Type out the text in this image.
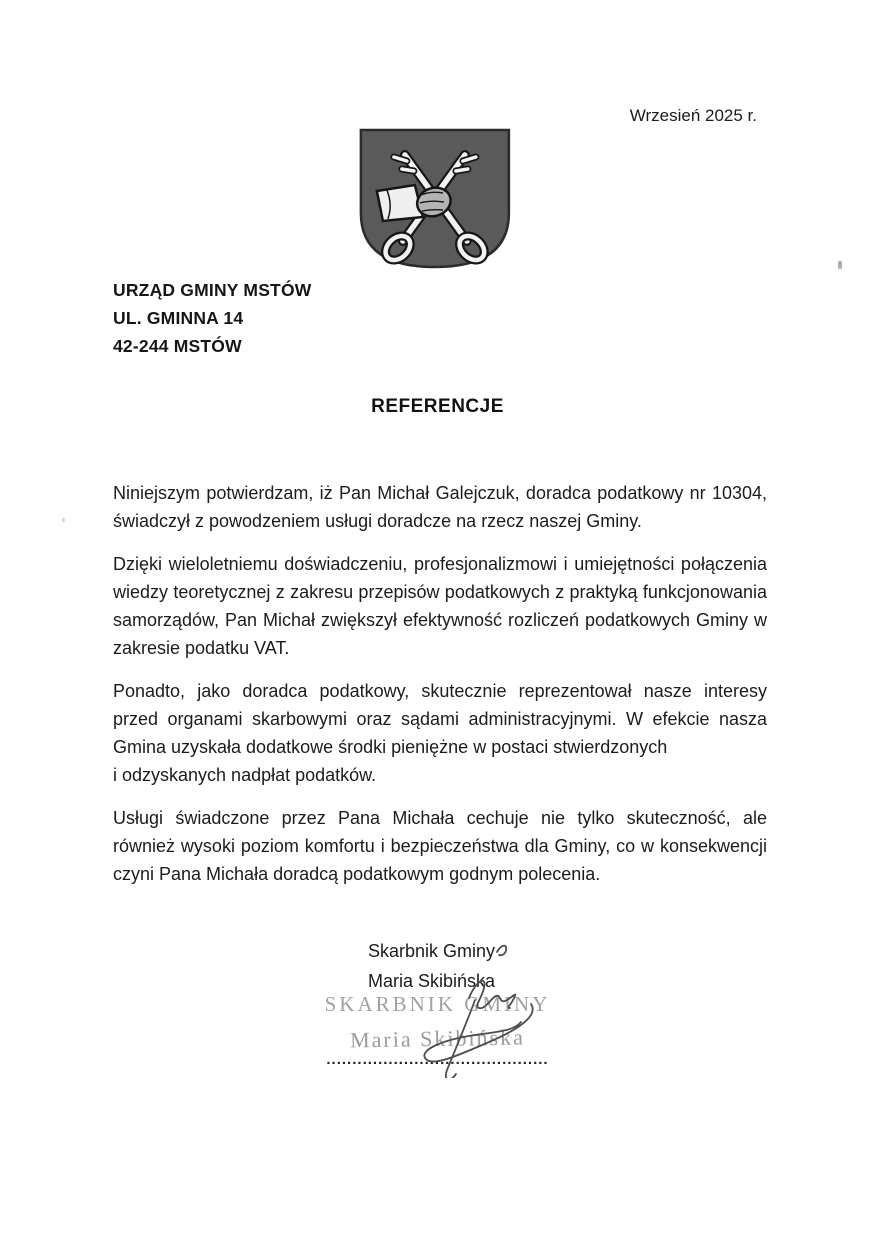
Wrzesień 2025 r.
URZĄD GMINY MSTÓW
UL. GMINNA 14
42-244 MSTÓW
REFERENCJE

Niniejszym potwierdzam, iż Pan Michał Galejczuk, doradca podatkowy nr 10304, świadczył z powodzeniem usługi doradcze na rzecz naszej Gminy.

Dzięki wieloletniemu doświadczeniu, profesjonalizmowi i umiejętności połączenia wiedzy teoretycznej z zakresu przepisów podatkowych z praktyką funkcjonowania samorządów, Pan Michał zwiększył efektywność rozliczeń podatkowych Gminy w zakresie podatku VAT.

Ponadto, jako doradca podatkowy, skutecznie reprezentował nasze interesy przed organami skarbowymi oraz sądami administracyjnymi. W efekcie nasza Gmina uzyskała dodatkowe środki pieniężne w postaci stwierdzonych
i odzyskanych nadpłat podatków.

Usługi świadczone przez Pana Michała cechuje nie tylko skuteczność, ale również wysoki poziom komfortu i bezpieczeństwa dla Gminy, co w konsekwencji czyni Pana Michała doradcą podatkowym godnym polecenia.

Skarbnik Gminy
Maria Skibińska
SKARBNIK GMINY
Maria Skibińska
...........................................
